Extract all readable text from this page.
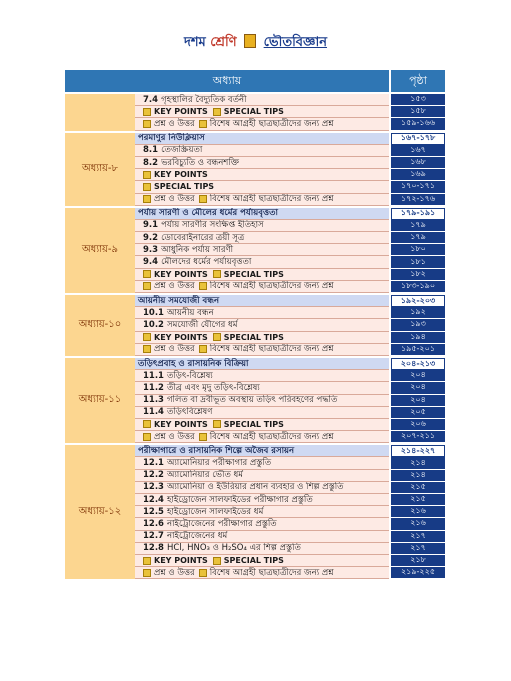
দশম শ্রেণি ভৌতবিজ্ঞান
অধ্যায়	পৃষ্ঠা
7.4 গৃহস্থালির বৈদ্যুতিক বর্তনী
KEY POINTS SPECIAL TIPS
প্রশ্ন ও উত্তর বিশেষ আগ্রহী ছাত্রছাত্রীদের জন্য প্রশ্ন
১৫৩
১৫৮
১৫৯-১৬৬
অধ্যায়-৮
পরমাণুর নিউক্লিয়াস
8.1 তেজস্ক্রিয়তা
8.2 ভরবিচ্যুতি ও বন্ধনশক্তি
KEY POINTS
SPECIAL TIPS
প্রশ্ন ও উত্তর বিশেষ আগ্রহী ছাত্রছাত্রীদের জন্য প্রশ্ন
১৬৭-১৭৮
১৬৭
১৬৮
১৬৯
১৭০-১৭১
১৭২-১৭৬
অধ্যায়-৯
পর্যায় সারণী ও মৌলের ধর্মের পর্যায়বৃত্ততা
9.1 পর্যায় সারণীর সংক্ষিপ্ত ইতিহাস
9.2 ডোবেরাইনারের ত্রয়ী সূত্র
9.3 আধুনিক পর্যায় সারণী
9.4 মৌলদের ধর্মের পর্যায়বৃত্ততা
KEY POINTS SPECIAL TIPS
প্রশ্ন ও উত্তর বিশেষ আগ্রহী ছাত্রছাত্রীদের জন্য প্রশ্ন
১৭৯-১৯১
১৭৯
১৭৯
১৮০
১৮১
১৮২
১৮৩-১৯০
অধ্যায়-১০
আয়নীয় সমযোজী বন্ধন
10.1 আয়নীয় বন্ধন
10.2 সমযোজী যৌগের ধর্ম
KEY POINTS SPECIAL TIPS
প্রশ্ন ও উত্তর বিশেষ আগ্রহী ছাত্রছাত্রীদের জন্য প্রশ্ন
১৯২-২০৩
১৯২
১৯৩
১৯৪
১৯৫-২০১
অধ্যায়-১১
তড়িৎপ্রবাহ ও রাসায়নিক বিক্রিয়া
11.1 তড়িৎ-বিশ্লেষ্য
11.2 তীব্র এবং মৃদু তড়িৎ-বিশ্লেষ্য
11.3 গলিত বা দ্রবীভূত অবস্থায় তড়িৎ পরিবহণের পদ্ধতি
11.4 তড়িৎবিশ্লেষণ
KEY POINTS SPECIAL TIPS
প্রশ্ন ও উত্তর বিশেষ আগ্রহী ছাত্রছাত্রীদের জন্য প্রশ্ন
২০৪-২১৩
২০৪
২০৪
২০৪
২০৫
২০৬
২০৭-২১১
অধ্যায়-১২
পরীক্ষাগারে ও রাসায়নিক শিল্পে অজৈব রসায়ন
12.1 অ্যামোনিয়ার পরীক্ষাগার প্রস্তুতি
12.2 অ্যামোনিয়ার ভৌত ধর্ম
12.3 অ্যামোনিয়া ও ইউরিয়ার প্রধান ব্যবহার ও শিল্প প্রস্তুতি
12.4 হাইড্রোজেন সালফাইডের পরীক্ষাগার প্রস্তুতি
12.5 হাইড্রোজেন সালফাইডের ধর্ম
12.6 নাইট্রোজেনের পরীক্ষাগার প্রস্তুতি
12.7 নাইট্রোজেনের ধর্ম
12.8 HCl, HNO₃ ও H₂SO₄ এর শিল্প প্রস্তুতি
KEY POINTS SPECIAL TIPS
প্রশ্ন ও উত্তর বিশেষ আগ্রহী ছাত্রছাত্রীদের জন্য প্রশ্ন
২১৪-২২৭
২১৪
২১৪
২১৫
২১৫
২১৬
২১৬
২১৭
২১৭
২১৮
২১৯-২২৫
